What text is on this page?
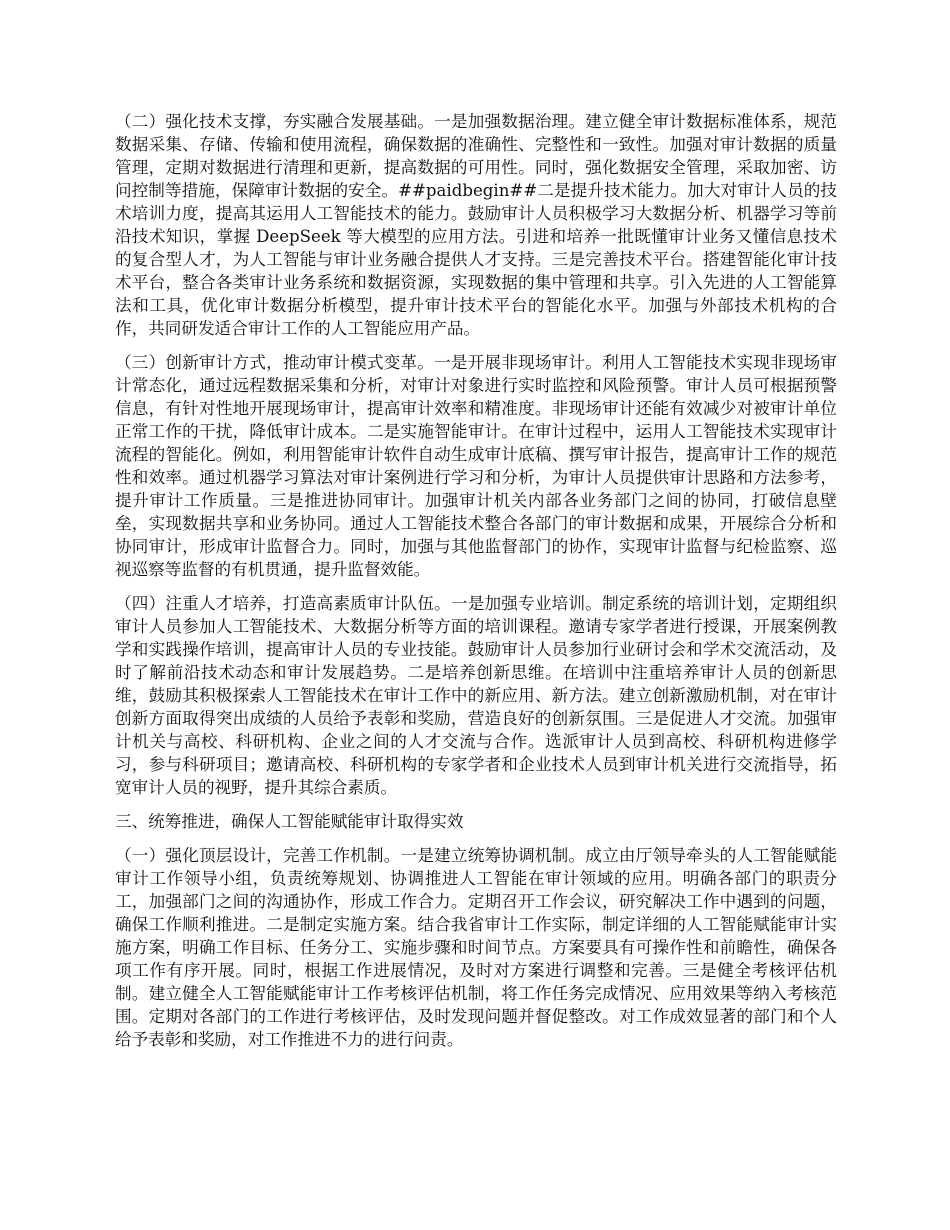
（二）强化技术支撑，夯实融合发展基础。一是加强数据治理。建立健全审计数据标准体系，规范数据采集、存储、传输和使用流程，确保数据的准确性、完整性和一致性。加强对审计数据的质量管理，定期对数据进行清理和更新，提高数据的可用性。同时，强化数据安全管理，采取加密、访问控制等措施，保障审计数据的安全。##paidbegin##二是提升技术能力。加大对审计人员的技术培训力度，提高其运用人工智能技术的能力。鼓励审计人员积极学习大数据分析、机器学习等前沿技术知识，掌握 DeepSeek 等大模型的应用方法。引进和培养一批既懂审计业务又懂信息技术的复合型人才，为人工智能与审计业务融合提供人才支持。三是完善技术平台。搭建智能化审计技术平台，整合各类审计业务系统和数据资源，实现数据的集中管理和共享。引入先进的人工智能算法和工具，优化审计数据分析模型，提升审计技术平台的智能化水平。加强与外部技术机构的合作，共同研发适合审计工作的人工智能应用产品。

（三）创新审计方式，推动审计模式变革。一是开展非现场审计。利用人工智能技术实现非现场审计常态化，通过远程数据采集和分析，对审计对象进行实时监控和风险预警。审计人员可根据预警信息，有针对性地开展现场审计，提高审计效率和精准度。非现场审计还能有效减少对被审计单位正常工作的干扰，降低审计成本。二是实施智能审计。在审计过程中，运用人工智能技术实现审计流程的智能化。例如，利用智能审计软件自动生成审计底稿、撰写审计报告，提高审计工作的规范性和效率。通过机器学习算法对审计案例进行学习和分析，为审计人员提供审计思路和方法参考，提升审计工作质量。三是推进协同审计。加强审计机关内部各业务部门之间的协同，打破信息壁垒，实现数据共享和业务协同。通过人工智能技术整合各部门的审计数据和成果，开展综合分析和协同审计，形成审计监督合力。同时，加强与其他监督部门的协作，实现审计监督与纪检监察、巡视巡察等监督的有机贯通，提升监督效能。

（四）注重人才培养，打造高素质审计队伍。一是加强专业培训。制定系统的培训计划，定期组织审计人员参加人工智能技术、大数据分析等方面的培训课程。邀请专家学者进行授课，开展案例教学和实践操作培训，提高审计人员的专业技能。鼓励审计人员参加行业研讨会和学术交流活动，及时了解前沿技术动态和审计发展趋势。二是培养创新思维。在培训中注重培养审计人员的创新思维，鼓励其积极探索人工智能技术在审计工作中的新应用、新方法。建立创新激励机制，对在审计创新方面取得突出成绩的人员给予表彰和奖励，营造良好的创新氛围。三是促进人才交流。加强审计机关与高校、科研机构、企业之间的人才交流与合作。选派审计人员到高校、科研机构进修学习，参与科研项目；邀请高校、科研机构的专家学者和企业技术人员到审计机关进行交流指导，拓宽审计人员的视野，提升其综合素质。

三、统筹推进，确保人工智能赋能审计取得实效

（一）强化顶层设计，完善工作机制。一是建立统筹协调机制。成立由厅领导牵头的人工智能赋能审计工作领导小组，负责统筹规划、协调推进人工智能在审计领域的应用。明确各部门的职责分工，加强部门之间的沟通协作，形成工作合力。定期召开工作会议，研究解决工作中遇到的问题，确保工作顺利推进。二是制定实施方案。结合我省审计工作实际，制定详细的人工智能赋能审计实施方案，明确工作目标、任务分工、实施步骤和时间节点。方案要具有可操作性和前瞻性，确保各项工作有序开展。同时，根据工作进展情况，及时对方案进行调整和完善。三是健全考核评估机制。建立健全人工智能赋能审计工作考核评估机制，将工作任务完成情况、应用效果等纳入考核范围。定期对各部门的工作进行考核评估，及时发现问题并督促整改。对工作成效显著的部门和个人给予表彰和奖励，对工作推进不力的进行问责。
